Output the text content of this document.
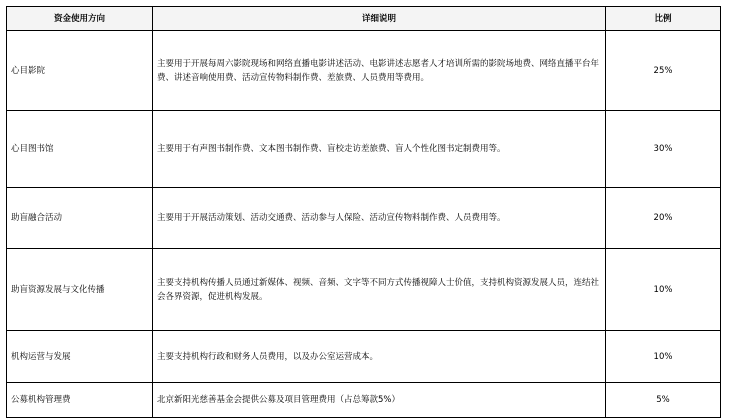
资金使用方向	详细说明	比例
心目影院	主要用于开展每周六影院现场和网络直播电影讲述活动、电影讲述志愿者人才培训所需的影院场地费、网络直播平台年费、讲述音响使用费、活动宣传物料制作费、差旅费、人员费用等费用。	25%
心目图书馆	主要用于有声图书制作费、文本图书制作费、盲校走访差旅费、盲人个性化图书定制费用等。	30%
助盲融合活动	主要用于开展活动策划、活动交通费、活动参与人保险、活动宣传物料制作费、人员费用等。	20%
助盲资源发展与文化传播	主要支持机构传播人员通过新媒体、视频、音频、文字等不同方式传播视障人士价值，支持机构资源发展人员，连结社会各界资源，促进机构发展。	10%
机构运营与发展	主要支持机构行政和财务人员费用，以及办公室运营成本。	10%
公募机构管理费	北京新阳光慈善基金会提供公募及项目管理费用（占总筹款5%）	5%
